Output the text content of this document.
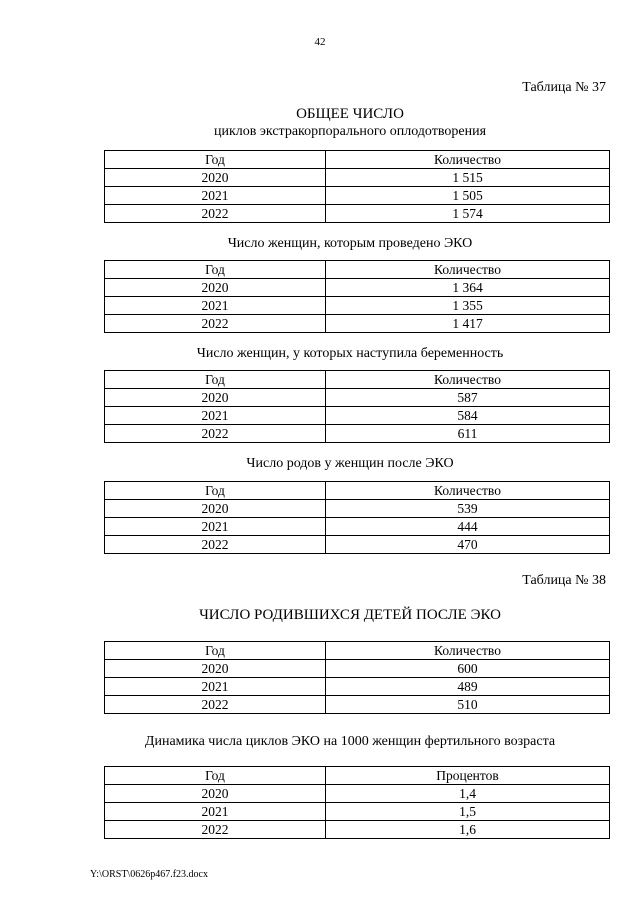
42
Таблица № 37
ОБЩЕЕ ЧИСЛО
циклов экстракорпорального оплодотворения
Год	Количество
2020	1 515
2021	1 505
2022	1 574
Число женщин, которым проведено ЭКО
Год	Количество
2020	1 364
2021	1 355
2022	1 417
Число женщин, у которых наступила беременность
Год	Количество
2020	587
2021	584
2022	611
Число родов у женщин после ЭКО
Год	Количество
2020	539
2021	444
2022	470
Таблица № 38
ЧИСЛО РОДИВШИХСЯ ДЕТЕЙ ПОСЛЕ ЭКО
Год	Количество
2020	600
2021	489
2022	510
Динамика числа циклов ЭКО на 1000 женщин фертильного возраста
Год	Процентов
2020	1,4
2021	1,5
2022	1,6
Y:\ORST\0626p467.f23.docx
